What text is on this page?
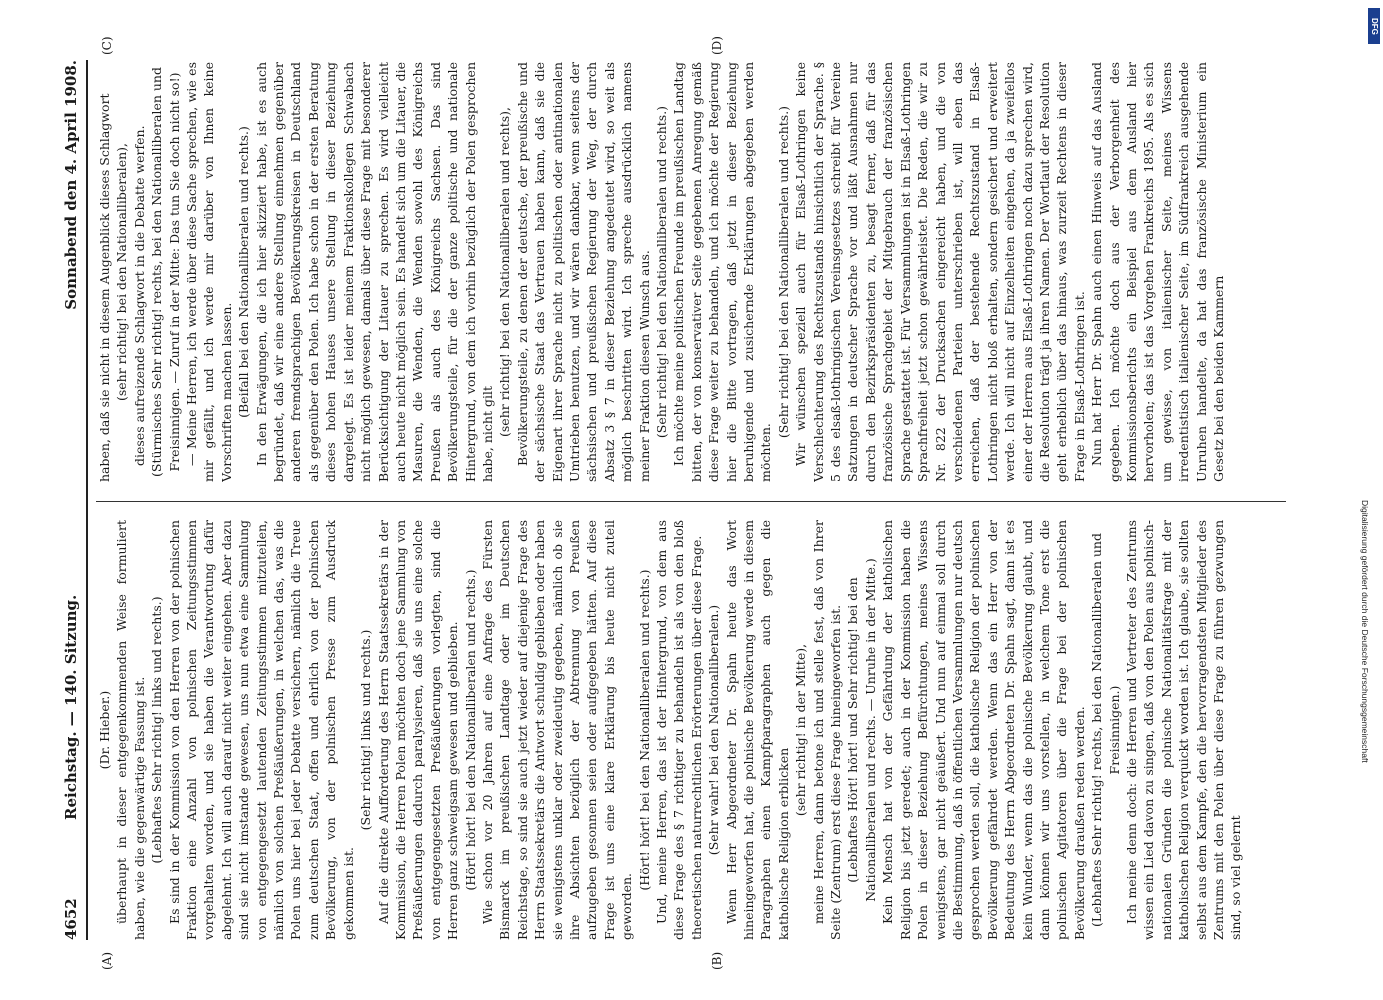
4652
Reichstag. — 140. Sitzung.
Sonnabend den 4. April 1908.
(A)	(B)
(C)	(D)

(Dr. Hieber.) überhaupt in dieser entgegenkommenden Weise formuliert haben, wie die gegenwärtige Fassung ist. (Lebhaftes Sehr richtig! links und rechts.) Es sind in der Kommission von den Herren von der polnischen Fraktion eine Anzahl von polnischen Zeitungsstimmen vorgehalten worden, und sie haben die Verantwortung dafür abgelehnt. Ich will auch darauf nicht weiter eingehen. Aber dazu sind sie nicht imstande gewesen, uns nun etwa eine Sammlung von entgegengesetzt lautenden Zeitungsstimmen mitzuteilen, nämlich von solchen Preßäußerungen, in welchen das, was die Polen uns hier bei jeder Debatte versichern, nämlich die Treue zum deutschen Staat, offen und ehrlich von der polnischen Bevölkerung, von der polnischen Presse zum Ausdruck gekommen ist.

(Sehr richtig! links und rechts.) Auf die direkte Aufforderung des Herrn Staatssekretärs in der Kommission, die Herren Polen möchten doch jene Sammlung von Preßäußerungen dadurch paralysieren, daß sie uns eine solche von entgegengesetzten Preßäußerungen vorlegten, sind die Herren ganz schweigsam gewesen und geblieben. (Hört! hört! bei den Nationalliberalen und rechts.) Wie schon vor 20 Jahren auf eine Anfrage des Fürsten Bismarck im preußischen Landtage oder im Deutschen Reichstage, so sind sie auch jetzt wieder auf diejenige Frage des Herrn Staatssekretärs die Antwort schuldig geblieben oder haben sie wenigstens unklar oder zweideutig gegeben, nämlich ob sie ihre Absichten bezüglich der Abtrennung von Preußen aufzugeben gesonnen seien oder aufgegeben hätten. Auf diese Frage ist uns eine klare Erklärung bis heute nicht zuteil geworden.

(Hört! hört! bei den Nationalliberalen und rechts.) Und, meine Herren, das ist der Hintergrund, von dem aus diese Frage des § 7 richtiger zu behandeln ist als von den bloß theoretischen naturrechtlichen Erörterungen über diese Frage. (Sehr wahr! bei den Nationalliberalen.) Wenn Herr Abgeordneter Dr. Spahn heute das Wort hineingeworfen hat, die polnische Bevölkerung werde in diesem Paragraphen einen Kampfparagraphen auch gegen die katholische Religion erblicken

(sehr richtig! in der Mitte), meine Herren, dann betone ich und stelle fest, daß von Ihrer Seite (Zentrum) erst diese Frage hineingeworfen ist. (Lebhaftes Hört! hört! und Sehr richtig! bei den Nationalliberalen und rechts. — Unruhe in der Mitte.) Kein Mensch hat von der Gefährdung der katholischen Religion bis jetzt geredet; auch in der Kommission haben die Polen in dieser Beziehung Befürchtungen, meines Wissens wenigstens, gar nicht geäußert. Und nun auf einmal soll durch die Bestimmung, daß in öffentlichen Versammlungen nur deutsch gesprochen werden soll, die katholische Religion der polnischen Bevölkerung gefährdet werden. Wenn das ein Herr von der Bedeutung des Herrn Abgeordneten Dr. Spahn sagt, dann ist es kein Wunder, wenn das die polnische Bevölkerung glaubt, und dann können wir uns vorstellen, in welchem Tone erst die polnischen Agitatoren über die Frage bei der polnischen Bevölkerung draußen reden werden. (Lebhaftes Sehr richtig! rechts, bei den Nationalliberalen und Freisinnigen.) Ich meine denn doch: die Herren und Vertreter des Zentrums wissen ein Lied davon zu singen, daß von den Polen aus polnisch-nationalen Gründen die polnische Nationalitätsfrage mit der katholischen Religion verquickt worden ist. Ich glaube, sie sollten selbst aus dem Kampfe, den die hervorragendsten Mitglieder des Zentrums mit den Polen über diese Frage zu führen gezwungen sind, so viel gelernt

haben, daß sie nicht in diesem Augenblick dieses Schlagwort (sehr richtig! bei den Nationalliberalen), dieses aufreizende Schlagwort in die Debatte werfen. (Stürmisches Sehr richtig! rechts, bei den Nationalliberalen und Freisinnigen. — Zuruf in der Mitte: Das tun Sie doch nicht so!) — Meine Herren, ich werde über diese Sache sprechen, wie es mir gefällt, und ich werde mir darüber von Ihnen keine Vorschriften machen lassen. (Beifall bei den Nationalliberalen und rechts.) In den Erwägungen, die ich hier skizziert habe, ist es auch begründet, daß wir eine andere Stellung einnehmen gegenüber anderen fremdsprachigen Bevölkerungskreisen in Deutschland als gegenüber den Polen. Ich habe schon in der ersten Beratung dieses hohen Hauses unsere Stellung in dieser Beziehung dargelegt. Es ist leider meinem Fraktionskollegen Schwabach nicht möglich gewesen, damals über diese Frage mit besonderer Berücksichtigung der Litauer zu sprechen. Es wird vielleicht auch heute nicht möglich sein. Es handelt sich um die Litauer, die Masuren, die Wenden, die Wenden sowohl des Königreichs Preußen als auch des Königreichs Sachsen. Das sind Bevölkerungsteile, für die der ganze politische und nationale Hintergrund, von dem ich vorhin bezüglich der Polen gesprochen habe, nicht gilt (sehr richtig! bei den Nationalliberalen und rechts), Bevölkerungsteile, zu denen der deutsche, der preußische und der sächsische Staat das Vertrauen haben kann, daß sie die Eigenart ihrer Sprache nicht zu politischen oder antinationalen Umtrieben benutzen, und wir wären dankbar, wenn seitens der sächsischen und preußischen Regierung der Weg, der durch Absatz 3 § 7 in dieser Beziehung angedeutet wird, so weit als möglich beschritten wird. Ich spreche ausdrücklich namens meiner Fraktion diesen Wunsch aus. (Sehr richtig! bei den Nationalliberalen und rechts.) Ich möchte meine politischen Freunde im preußischen Landtag bitten, der von konservativer Seite gegebenen Anregung gemäß diese Frage weiter zu behandeln, und ich möchte der Regierung hier die Bitte vortragen, daß jetzt in dieser Beziehung beruhigende und zusichernde Erklärungen abgegeben werden möchten.

(Sehr richtig! bei den Nationalliberalen und rechts.) Wir wünschen speziell auch für Elsaß-Lothringen keine Verschlechterung des Rechtszustands hinsichtlich der Sprache. § 5 des elsaß-lothringischen Vereinsgesetzes schreibt für Vereine Satzungen in deutscher Sprache vor und läßt Ausnahmen nur durch den Bezirkspräsidenten zu, besagt ferner, daß für das französische Sprachgebiet der Mitgebrauch der französischen Sprache gestattet ist. Für Versammlungen ist in Elsaß-Lothringen Sprachfreiheit jetzt schon gewährleistet. Die Reden, die wir zu Nr. 822 der Drucksachen eingereicht haben, und die von verschiedenen Parteien unterschrieben ist, will eben das erreichen, daß der bestehende Rechtszustand in Elsaß-Lothringen nicht bloß erhalten, sondern gesichert und erweitert werde. Ich will nicht auf Einzelheiten eingehen, da ja zweifellos einer der Herren aus Elsaß-Lothringen noch dazu sprechen wird, die Resolution trägt ja ihren Namen. Der Wortlaut der Resolution geht erheblich über das hinaus, was zurzeit Rechtens in dieser Frage in Elsaß-Lothringen ist. Nun hat Herr Dr. Spahn auch einen Hinweis auf das Ausland gegeben. Ich möchte doch aus der Verborgenheit des Kommissionsberichts ein Beispiel aus dem Ausland hier hervorholen; das ist das Vorgehen Frankreichs 1895. Als es sich um gewisse, von italienischer Seite, meines Wissens irredentistisch italienischer Seite, im Südfrankreich ausgehende Unruhen handelte, da hat das französische Ministerium ein Gesetz bei den beiden Kammern

Digitalisierung gefördert durch die Deutsche Forschungsgemeinschaft
DFG
